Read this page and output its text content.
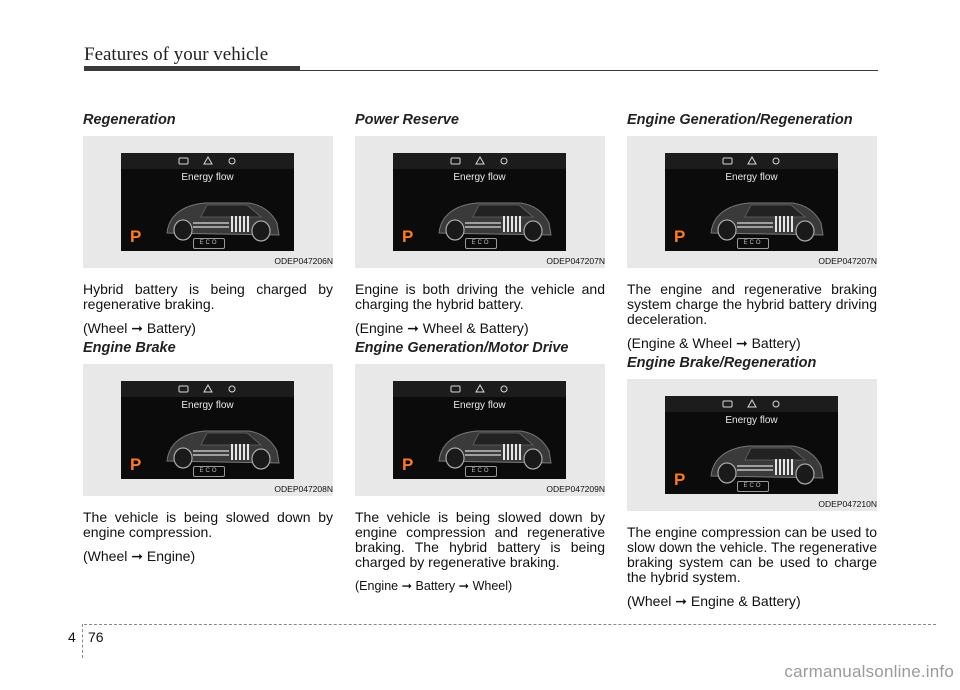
Features of your vehicle
Regeneration
Energy flow
P	ECO
ODEP047206N

Hybrid battery is being charged by regenerative braking.

(Wheel ➞ Battery)

Engine Brake
Energy flow
P	ECO
ODEP047208N

The vehicle is being slowed down by engine compression.

(Wheel ➞ Engine)

Power Reserve
Energy flow
P	ECO
ODEP047207N

Engine is both driving the vehicle and charging the hybrid battery.

(Engine ➞ Wheel & Battery)

Engine Generation/Motor Drive
Energy flow
P	ECO
ODEP047209N

The vehicle is being slowed down by engine compression and regenerative braking. The hybrid battery is being charged by regenerative braking.

(Engine ➞ Battery ➞ Wheel)

Engine Generation/Regeneration
Energy flow
P	ECO
ODEP047207N

The engine and regenerative braking system charge the hybrid battery driving deceleration.

(Engine & Wheel ➞ Battery)

Engine Brake/Regeneration
Energy flow
P	ECO
ODEP047210N

The engine compression can be used to slow down the vehicle. The regenerative braking system can be used to charge the hybrid system.

(Wheel ➞ Engine & Battery)

4 76
carmanualsonline.info
